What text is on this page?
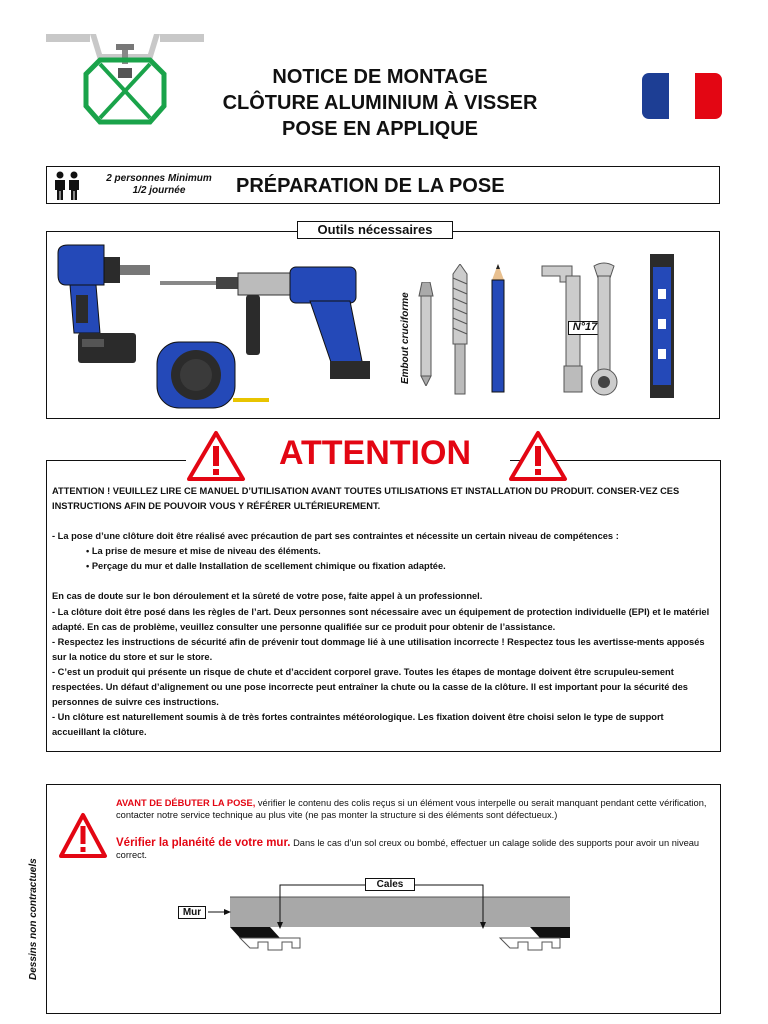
NOTICE DE MONTAGE
CLÔTURE ALUMINIUM À VISSER
POSE EN APPLIQUE
2 personnes Minimum
1/2 journée	PRÉPARATION DE LA POSE
Outils nécessaires
Embout cruciforme	N°17
ATTENTION

ATTENTION ! VEUILLEZ LIRE CE MANUEL D’UTILISATION AVANT TOUTES UTILISATIONS ET INSTALLATION DU PRODUIT. CONSER-VEZ CES INSTRUCTIONS AFIN DE POUVOIR VOUS Y RÉFÉRER ULTÉRIEUREMENT.

- La pose d’une clôture doit être réalisé avec précaution de part ses contraintes et nécessite un certain niveau de compétences :

• La prise de mesure et mise de niveau des éléments.

• Perçage du mur et dalle Installation de scellement chimique ou fixation adaptée.

En cas de doute sur le bon déroulement et la sûreté de votre pose, faite appel à un professionnel.

- La clôture doit être posé dans les règles de l’art. Deux personnes sont nécessaire avec un équipement de protection individuelle (EPI) et le matériel adapté. En cas de problème, veuillez consulter une personne qualifiée sur ce produit pour obtenir de l’assistance.

- Respectez les instructions de sécurité afin de prévenir tout dommage lié à une utilisation incorrecte ! Respectez tous les avertisse-ments apposés sur la notice du store et sur le store.

- C’est un produit qui présente un risque de chute et d’accident corporel grave. Toutes les étapes de montage doivent être scrupuleu-sement respectées. Un défaut d’alignement ou une pose incorrecte peut entraîner la chute ou la casse de la clôture. Il est important pour la sécurité des personnes de suivre ces instructions.

- Un clôture est naturellement soumis à de très fortes contraintes météorologique. Les fixation doivent être choisi selon le type de support accueillant la clôture.

Dessins non contractuels
AVANT DE DÉBUTER LA POSE, vérifier le contenu des colis reçus si un élément vous interpelle ou serait manquant pendant cette vérification, contacter notre service technique au plus vite (ne pas monter la structure si des éléments sont défectueux.)
Vérifier la planéité de votre mur. Dans le cas d’un sol creux ou bombé, effectuer un calage solide des supports pour avoir un niveau correct.
Cales
Mur
